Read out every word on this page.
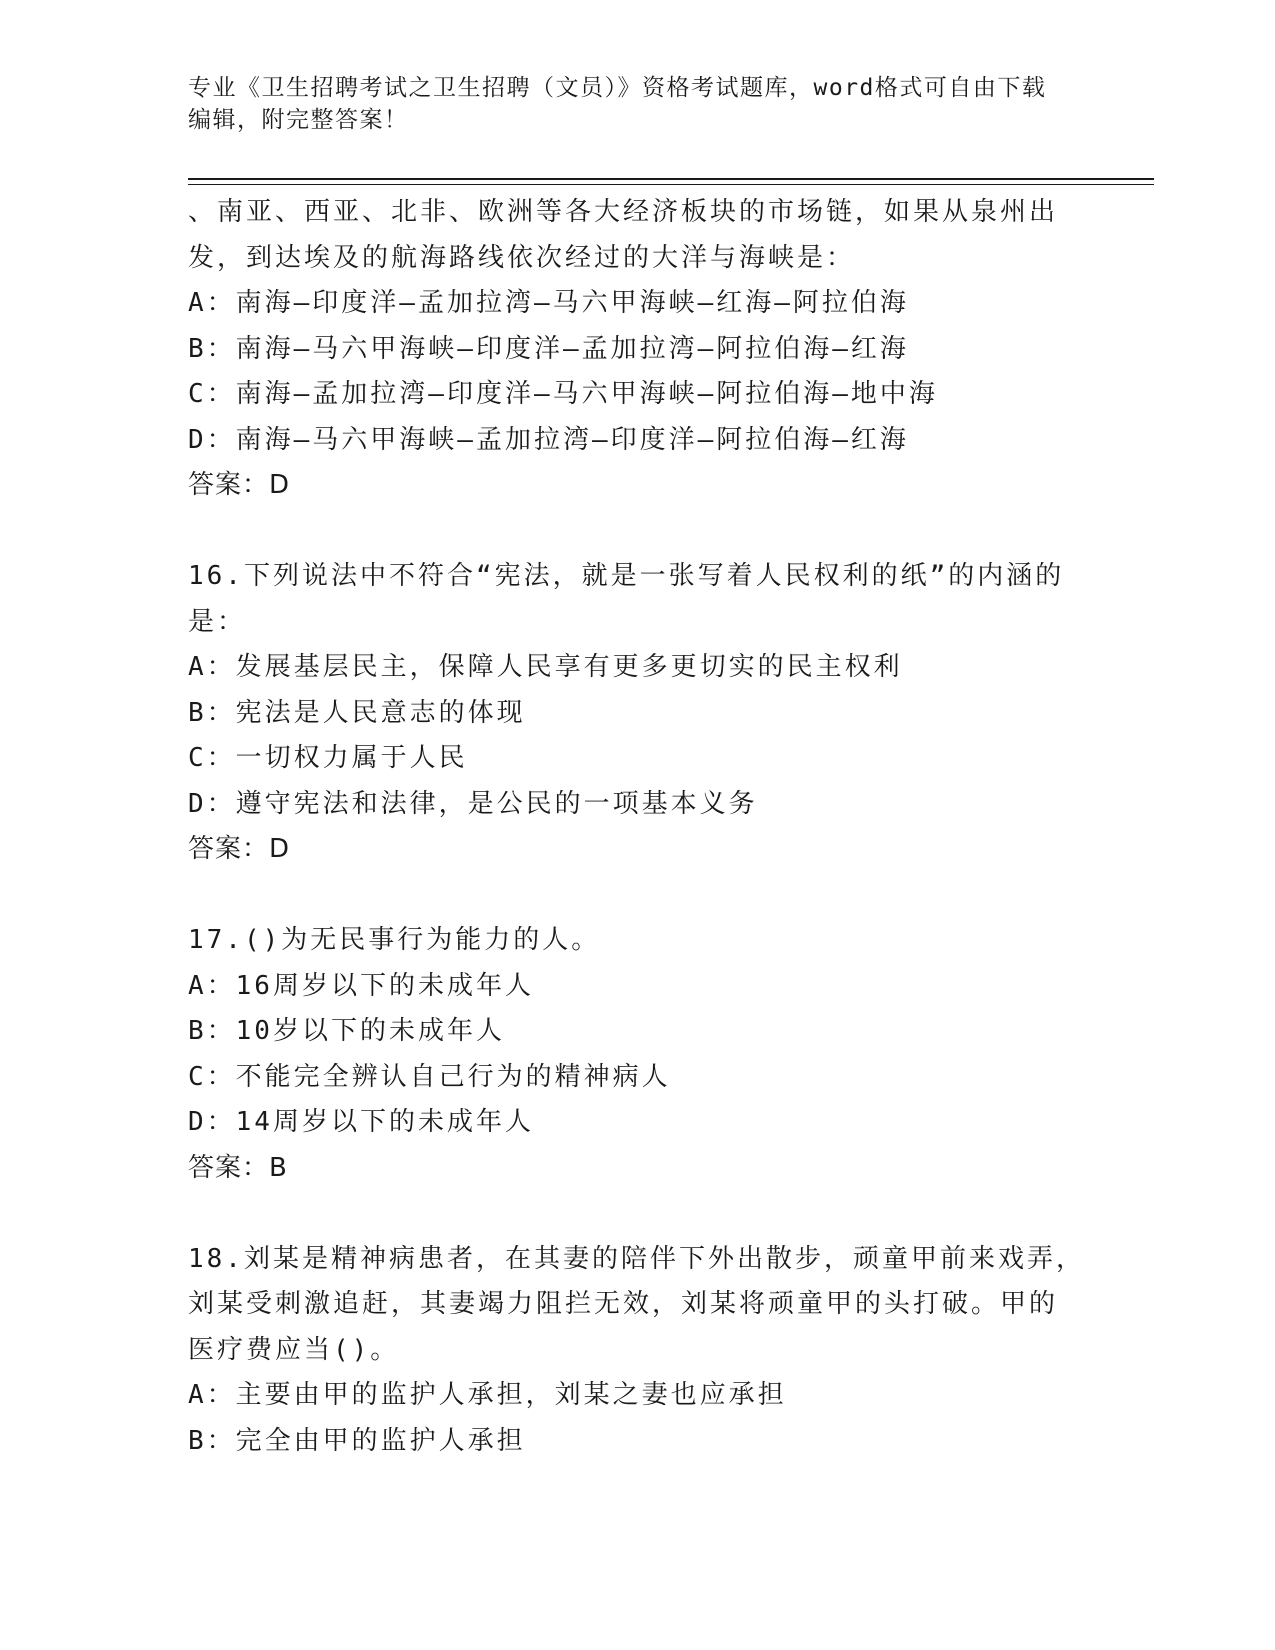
专业《卫生招聘考试之卫生招聘（文员）》资格考试题库，word格式可自由下载
编辑，附完整答案！
、南亚、西亚、北非、欧洲等各大经济板块的市场链，如果从泉州出
发，到达埃及的航海路线依次经过的大洋与海峡是：
A：南海—印度洋—孟加拉湾—马六甲海峡—红海—阿拉伯海
B：南海—马六甲海峡—印度洋—孟加拉湾—阿拉伯海—红海
C：南海—孟加拉湾—印度洋—马六甲海峡—阿拉伯海—地中海
D：南海—马六甲海峡—孟加拉湾—印度洋—阿拉伯海—红海
答案：D
16.下列说法中不符合“宪法，就是一张写着人民权利的纸”的内涵的
是：
A：发展基层民主，保障人民享有更多更切实的民主权利
B：宪法是人民意志的体现
C：一切权力属于人民
D：遵守宪法和法律，是公民的一项基本义务
答案：D
17.()为无民事行为能力的人。
A：16周岁以下的未成年人
B：10岁以下的未成年人
C：不能完全辨认自己行为的精神病人
D：14周岁以下的未成年人
答案：B
18.刘某是精神病患者，在其妻的陪伴下外出散步，顽童甲前来戏弄，
刘某受刺激追赶，其妻竭力阻拦无效，刘某将顽童甲的头打破。甲的
医疗费应当()。
A：主要由甲的监护人承担，刘某之妻也应承担
B：完全由甲的监护人承担
